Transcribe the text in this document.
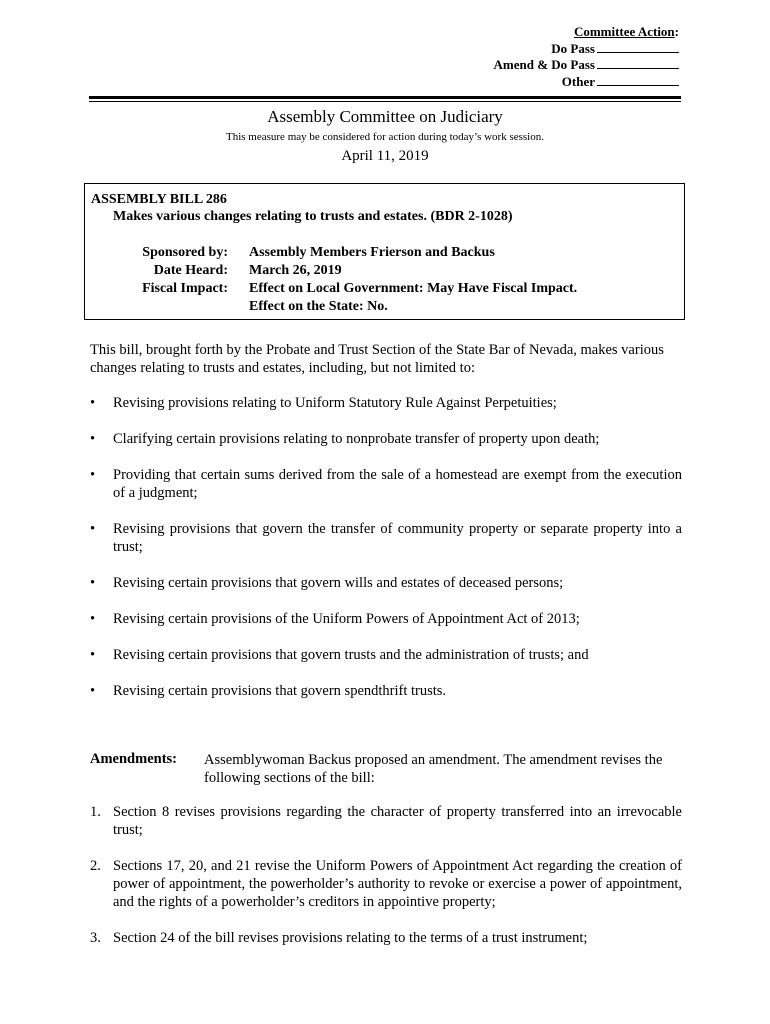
Committee Action:
Do Pass
Amend & Do Pass
Other
Assembly Committee on Judiciary
This measure may be considered for action during today’s work session.
April 11, 2019
ASSEMBLY BILL 286
Makes various changes relating to trusts and estates. (BDR 2-1028)
Sponsored by: Assembly Members Frierson and Backus
Date Heard: March 26, 2019
Fiscal Impact: Effect on Local Government: May Have Fiscal Impact.
Effect on the State: No.
This bill, brought forth by the Probate and Trust Section of the State Bar of Nevada, makes various changes relating to trusts and estates, including, but not limited to:
• Revising provisions relating to Uniform Statutory Rule Against Perpetuities;
• Clarifying certain provisions relating to nonprobate transfer of property upon death;
• Providing that certain sums derived from the sale of a homestead are exempt from the execution of a judgment;
• Revising provisions that govern the transfer of community property or separate property into a trust;
• Revising certain provisions that govern wills and estates of deceased persons;
• Revising certain provisions of the Uniform Powers of Appointment Act of 2013;
• Revising certain provisions that govern trusts and the administration of trusts; and
• Revising certain provisions that govern spendthrift trusts.
Amendments: Assemblywoman Backus proposed an amendment. The amendment revises the following sections of the bill:
1. Section 8 revises provisions regarding the character of property transferred into an irrevocable trust;
2. Sections 17, 20, and 21 revise the Uniform Powers of Appointment Act regarding the creation of power of appointment, the powerholder’s authority to revoke or exercise a power of appointment, and the rights of a powerholder’s creditors in appointive property;
3. Section 24 of the bill revises provisions relating to the terms of a trust instrument;
